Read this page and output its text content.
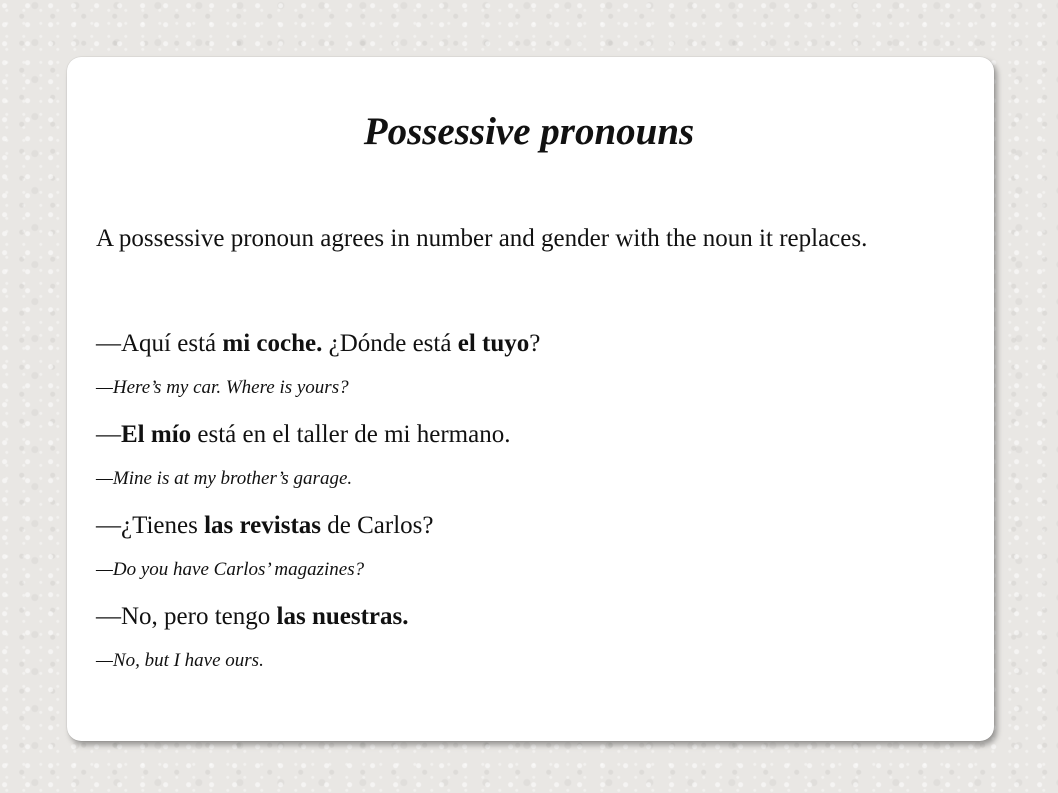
Possessive pronouns
A possessive pronoun agrees in number and gender with the noun it replaces.
—Aquí está mi coche. ¿Dónde está el tuyo?
—Here’s my car. Where is yours?
—El mío está en el taller de mi hermano.
—Mine is at my brother’s garage.
—¿Tienes las revistas de Carlos?
—Do you have Carlos’ magazines?
—No, pero tengo las nuestras.
—No, but I have ours.
